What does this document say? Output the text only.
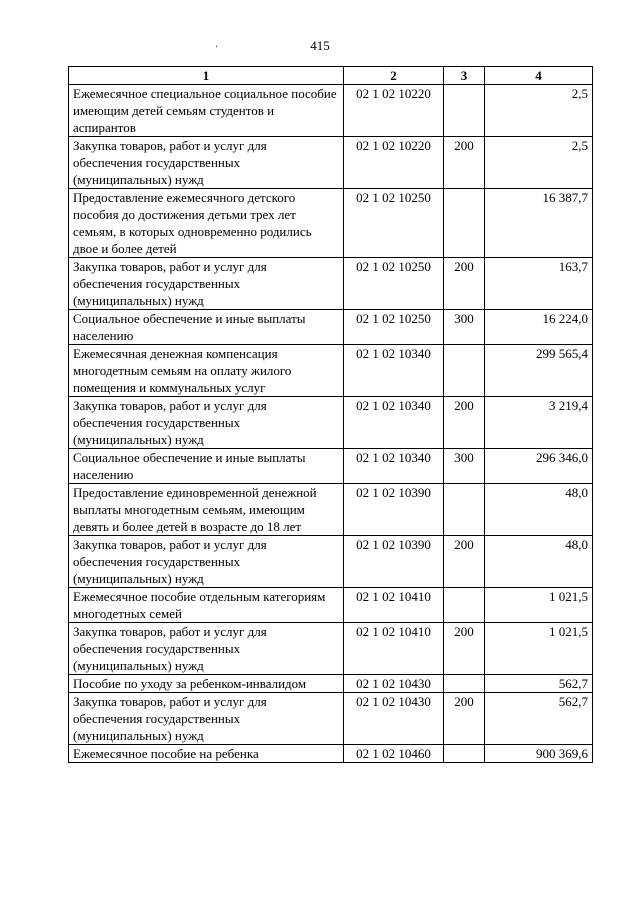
415
'
1	2	3	4
Ежемесячное специальное социальное пособие имеющим детей семьям студентов и аспирантов	02 1 02 10220		2,5
Закупка товаров, работ и услуг для обеспечения государственных (муниципальных) нужд	02 1 02 10220	200	2,5
Предоставление ежемесячного детского пособия до достижения детьми трех лет семьям, в которых одновременно родились двое и более детей	02 1 02 10250		16 387,7
Закупка товаров, работ и услуг для обеспечения государственных (муниципальных) нужд	02 1 02 10250	200	163,7
Социальное обеспечение и иные выплаты населению	02 1 02 10250	300	16 224,0
Ежемесячная денежная компенсация многодетным семьям на оплату жилого помещения и коммунальных услуг	02 1 02 10340		299 565,4
Закупка товаров, работ и услуг для обеспечения государственных (муниципальных) нужд	02 1 02 10340	200	3 219,4
Социальное обеспечение и иные выплаты населению	02 1 02 10340	300	296 346,0
Предоставление единовременной денежной выплаты многодетным семьям, имеющим девять и более детей в возрасте до 18 лет	02 1 02 10390		48,0
Закупка товаров, работ и услуг для обеспечения государственных (муниципальных) нужд	02 1 02 10390	200	48,0
Ежемесячное пособие отдельным категориям многодетных семей	02 1 02 10410		1 021,5
Закупка товаров, работ и услуг для обеспечения государственных (муниципальных) нужд	02 1 02 10410	200	1 021,5
Пособие по уходу за ребенком-инвалидом	02 1 02 10430		562,7
Закупка товаров, работ и услуг для обеспечения государственных (муниципальных) нужд	02 1 02 10430	200	562,7
Ежемесячное пособие на ребенка	02 1 02 10460		900 369,6
